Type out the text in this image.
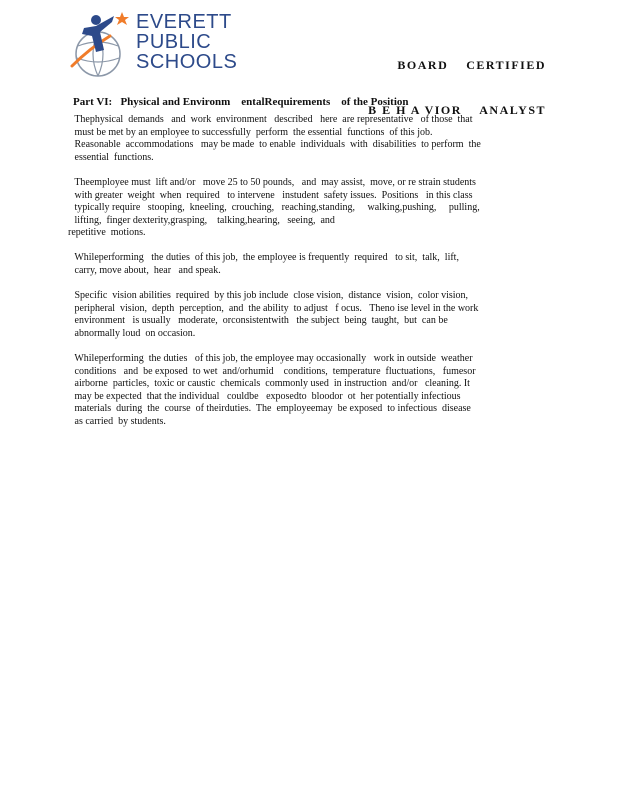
EVERETT
PUBLIC
SCHOOLS

	BOARD    CERTIFIED

B E H A VIOR    ANALYST

Part VI:   Physical and Environm    entalRequirements    of the Position
Thephysical  demands   and  work  environment   described   here  are representative   of those  that
must be met by an employee to successfully  perform  the essential  functions  of this job.
Reasonable  accommodations   may be made  to enable  individuals  with  disabilities  to perform  the
essential  functions.
Theemployee must  lift and/or   move 25 to 50 pounds,   and  may assist,  move, or re strain students
with greater  weight  when  required   to intervene   instudent  safety issues.  Positions   in this class
typically require   stooping,  kneeling,  crouching,   reaching,standing,     walking,pushing,     pulling,
lifting,  finger dexterity,grasping,    talking,hearing,   seeing,  and
repetitive  motions.
Whileperforming   the duties  of this job,  the employee is frequently  required   to sit,  talk,  lift,
carry, move about,  hear   and speak.
Specific  vision abilities  required  by this job include  close vision,  distance  vision,  color vision,
peripheral  vision,  depth  perception,  and  the ability  to adjust   f ocus.   Theno ise level in the work
environment   is usually   moderate,  orconsistentwith   the subject  being  taught,  but  can be
abnormally loud  on occasion.
Whileperforming  the duties   of this job, the employee may occasionally   work in outside  weather
conditions   and  be exposed  to wet  and/orhumid    conditions,  temperature  fluctuations,   fumesor
airborne  particles,  toxic or caustic  chemicals  commonly used  in instruction  and/or   cleaning. It
may be expected  that the individual   couldbe   exposedto  bloodor  ot  her potentially infectious
materials  during  the  course  of theirduties.  The  employeemay  be exposed  to infectious  disease
as carried  by students.
